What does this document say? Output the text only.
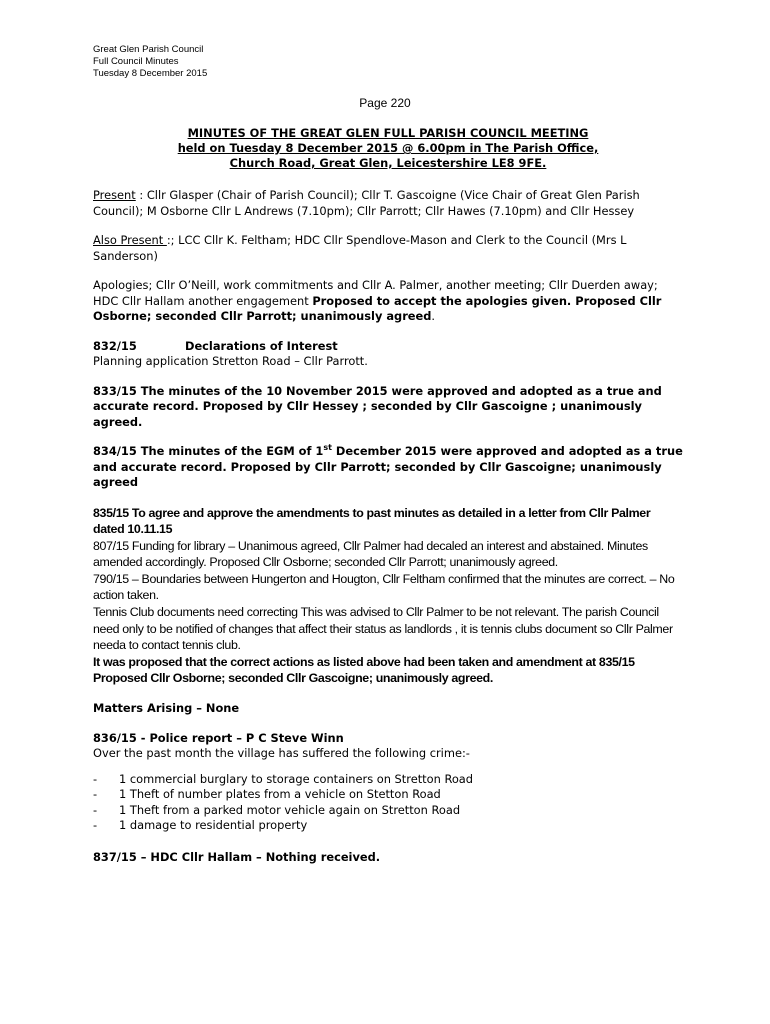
Great Glen Parish Council
Full Council Minutes
Tuesday 8 December 2015
Page 220
MINUTES OF THE GREAT GLEN FULL PARISH COUNCIL MEETING
held on Tuesday 8 December 2015 @ 6.00pm in The Parish Office,
Church Road, Great Glen, Leicestershire LE8 9FE.

Present : Cllr Glasper (Chair of Parish Council); Cllr T. Gascoigne (Vice Chair of Great Glen Parish Council); M Osborne Cllr L Andrews (7.10pm); Cllr Parrott; Cllr Hawes (7.10pm) and Cllr Hessey

Also Present :; LCC Cllr K. Feltham; HDC Cllr Spendlove-Mason and Clerk to the Council (Mrs L Sanderson)

Apologies; Cllr O’Neill, work commitments and Cllr A. Palmer, another meeting; Cllr Duerden away; HDC Cllr Hallam another engagement Proposed to accept the apologies given. Proposed Cllr Osborne; seconded Cllr Parrott; unanimously agreed.

832/15	Declarations of Interest
Planning application Stretton Road – Cllr Parrott.

833/15 The minutes of the 10 November 2015 were approved and adopted as a true and accurate record. Proposed by Cllr Hessey ; seconded by Cllr Gascoigne ; unanimously agreed.

834/15 The minutes of the EGM of 1st December 2015 were approved and adopted as a true and accurate record. Proposed by Cllr Parrott; seconded by Cllr Gascoigne; unanimously agreed

835/15 To agree and approve the amendments to past minutes as detailed in a letter from Cllr Palmer dated 10.11.15
807/15 Funding for library – Unanimous agreed, Cllr Palmer had decaled an interest and abstained. Minutes amended accordingly. Proposed Cllr Osborne; seconded Cllr Parrott; unanimously agreed.
790/15 – Boundaries between Hungerton and Hougton, Cllr Feltham confirmed that the minutes are correct. – No action taken.
Tennis Club documents need correcting This was advised to Cllr Palmer to be not relevant. The parish Council need only to be notified of changes that affect their status as landlords , it is tennis clubs document so Cllr Palmer needa to contact tennis club.
It was proposed that the correct actions as listed above had been taken and amendment at 835/15 Proposed Cllr Osborne; seconded Cllr Gascoigne; unanimously agreed.

Matters Arising – None

836/15 - Police report – P C Steve Winn
Over the past month the village has suffered the following crime:-
-	1 commercial burglary to storage containers on Stretton Road
-	1 Theft of number plates from a vehicle on Stetton Road
-	1 Theft from a parked motor vehicle again on Stretton Road
-	1 damage to residential property

837/15 – HDC Cllr Hallam – Nothing received.
